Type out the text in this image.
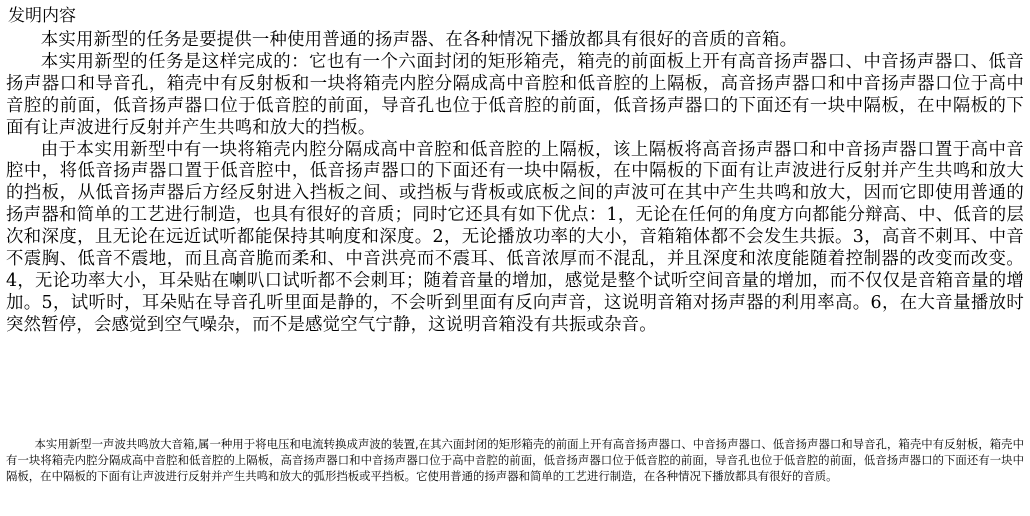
发明内容

本实用新型的任务是要提供一种使用普通的扬声器、在各种情况下播放都具有很好的音质的音箱。

本实用新型的任务是这样完成的：它也有一个六面封闭的矩形箱壳，箱壳的前面板上开有高音扬声器口、中音扬声器口、低音扬声器口和导音孔，箱壳中有反射板和一块将箱壳内腔分隔成高中音腔和低音腔的上隔板，高音扬声器口和中音扬声器口位于高中音腔的前面，低音扬声器口位于低音腔的前面，导音孔也位于低音腔的前面，低音扬声器口的下面还有一块中隔板，在中隔板的下面有让声波进行反射并产生共鸣和放大的挡板。

由于本实用新型中有一块将箱壳内腔分隔成高中音腔和低音腔的上隔板，该上隔板将高音扬声器口和中音扬声器口置于高中音腔中，将低音扬声器口置于低音腔中，低音扬声器口的下面还有一块中隔板，在中隔板的下面有让声波进行反射并产生共鸣和放大的挡板，从低音扬声器后方经反射进入挡板之间、或挡板与背板或底板之间的声波可在其中产生共鸣和放大，因而它即使用普通的扬声器和简单的工艺进行制造，也具有很好的音质；同时它还具有如下优点：1，无论在任何的角度方向都能分辩高、中、低音的层次和深度，且无论在远近试听都能保持其响度和深度。2，无论播放功率的大小，音箱箱体都不会发生共振。3，高音不刺耳、中音不震胸、低音不震地，而且高音脆而柔和、中音洪亮而不震耳、低音浓厚而不混乱，并且深度和浓度能随着控制器的改变而改变。4，无论功率大小，耳朵贴在喇叭口试听都不会刺耳；随着音量的增加，感觉是整个试听空间音量的增加，而不仅仅是音箱音量的增加。5，试听时，耳朵贴在导音孔听里面是静的，不会听到里面有反向声音，这说明音箱对扬声器的利用率高。6，在大音量播放时突然暂停，会感觉到空气噪杂，而不是感觉空气宁静，这说明音箱没有共振或杂音。

本实用新型一声波共鸣放大音箱,属一种用于将电压和电流转换成声波的装置,在其六面封闭的矩形箱壳的前面上开有高音扬声器口、中音扬声器口、低音扬声器口和导音孔，箱壳中有反射板，箱壳中有一块将箱壳内腔分隔成高中音腔和低音腔的上隔板，高音扬声器口和中音扬声器口位于高中音腔的前面，低音扬声器口位于低音腔的前面，导音孔也位于低音腔的前面，低音扬声器口的下面还有一块中隔板，在中隔板的下面有让声波进行反射并产生共鸣和放大的弧形挡板或平挡板。它使用普通的扬声器和简单的工艺进行制造，在各种情况下播放都具有很好的音质。
